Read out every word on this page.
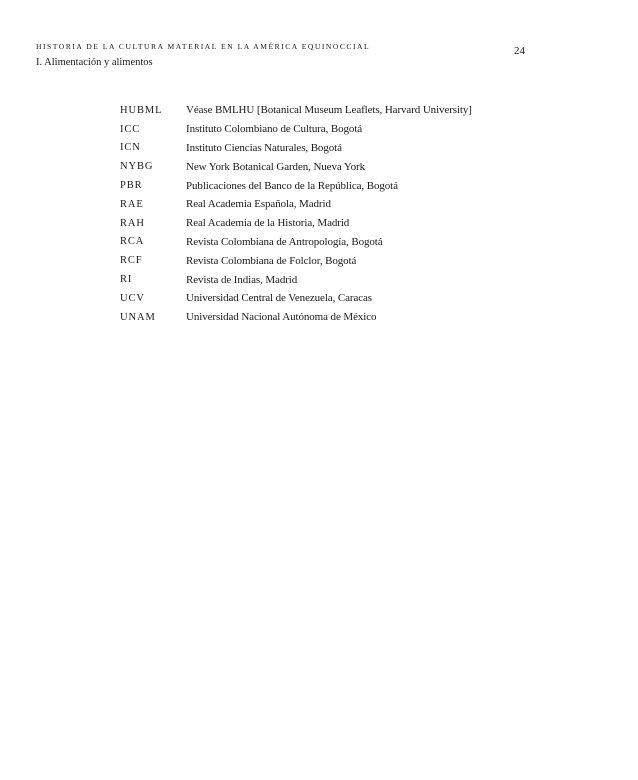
HISTORIA DE LA CULTURA MATERIAL EN LA AMÉRICA EQUINOCCIAL
I. Alimentación y alimentos
24
HUBML	Véase BMLHU [Botanical Museum Leaflets, Harvard University]
ICC	Instituto Colombiano de Cultura, Bogotá
ICN	Instituto Ciencias Naturales, Bogotá
NYBG	New York Botanical Garden, Nueva York
PBR	Publicaciones del Banco de la República, Bogotá
RAE	Real Academia Española, Madrid
RAH	Real Academia de la Historia, Madrid
RCA	Revista Colombiana de Antropología, Bogotá
RCF	Revista Colombiana de Folclor, Bogotá
RI	Revista de Indias, Madrid
UCV	Universidad Central de Venezuela, Caracas
UNAM	Universidad Nacional Autónoma de México
